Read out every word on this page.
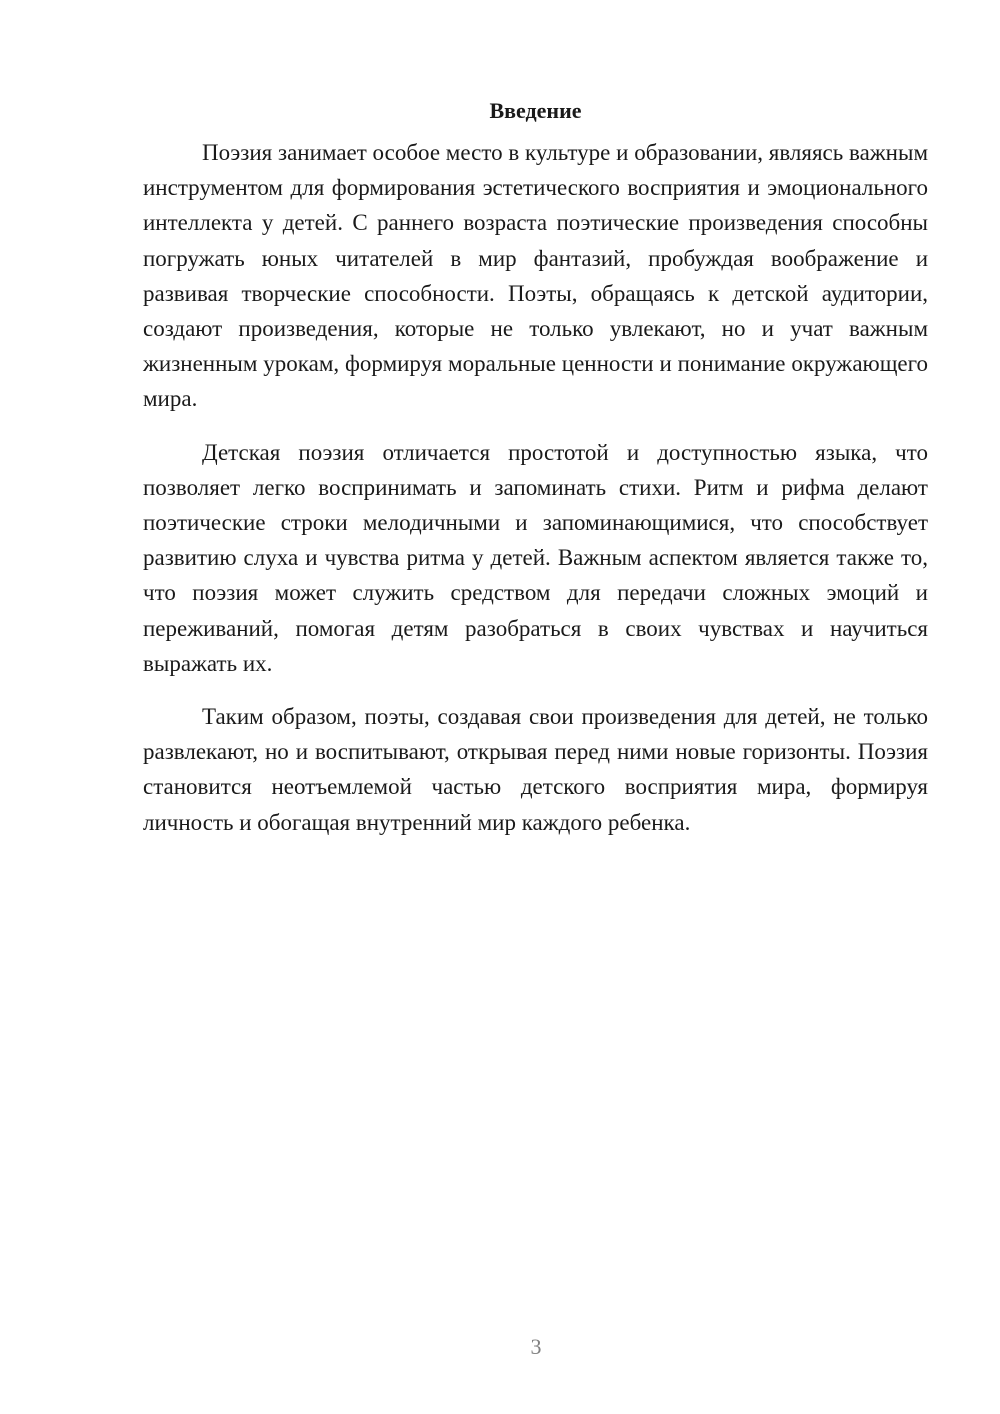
Введение

Поэзия занимает особое место в культуре и образовании, являясь важным инструментом для формирования эстетического восприятия и эмоционального интеллекта у детей. С раннего возраста поэтические произведения способны погружать юных читателей в мир фантазий, пробуждая воображение и развивая творческие способности. Поэты, обращаясь к детской аудитории, создают произведения, которые не только увлекают, но и учат важным жизненным урокам, формируя моральные ценности и понимание окружающего мира.

Детская поэзия отличается простотой и доступностью языка, что позволяет легко воспринимать и запоминать стихи. Ритм и рифма делают поэтические строки мелодичными и запоминающимися, что способствует развитию слуха и чувства ритма у детей. Важным аспектом является также то, что поэзия может служить средством для передачи сложных эмоций и переживаний, помогая детям разобраться в своих чувствах и научиться выражать их.

Таким образом, поэты, создавая свои произведения для детей, не только развлекают, но и воспитывают, открывая перед ними новые горизонты. Поэзия становится неотъемлемой частью детского восприятия мира, формируя личность и обогащая внутренний мир каждого ребенка.

3
